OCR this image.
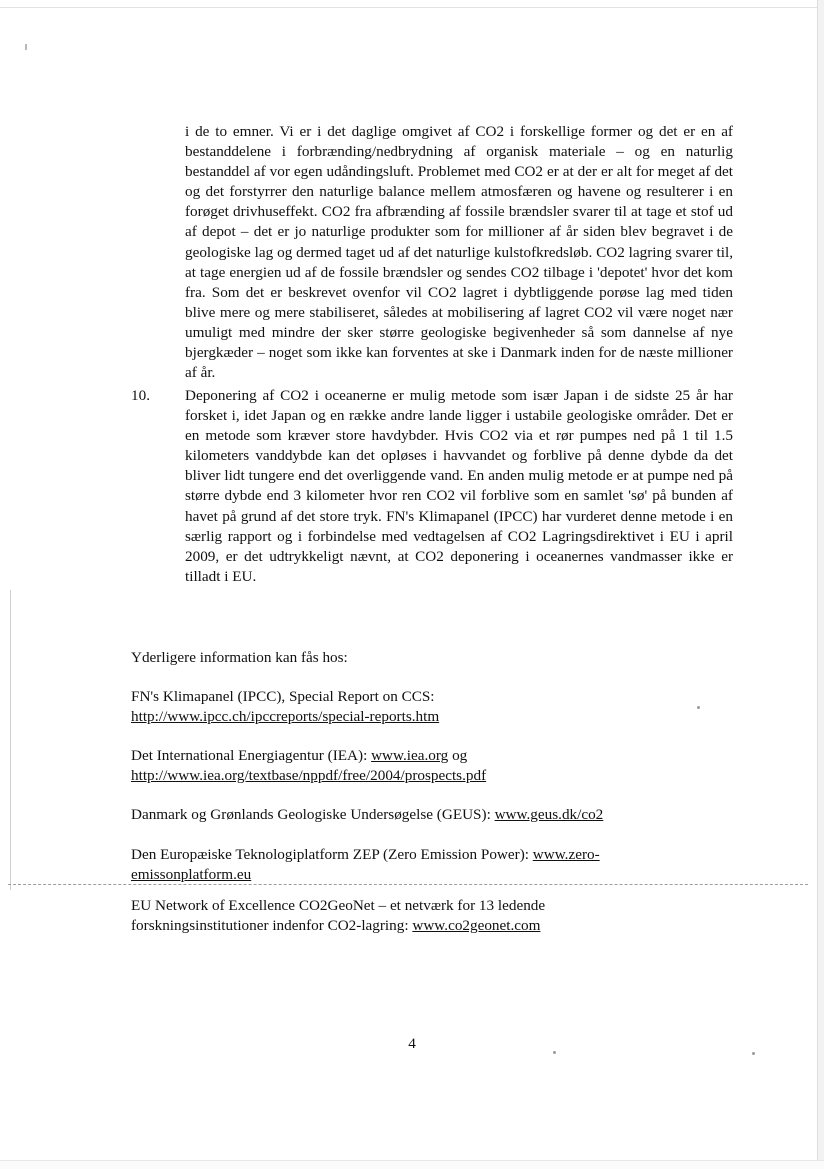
i de to emner. Vi er i det daglige omgivet af CO2 i forskellige former og det er en af bestanddelene i forbrænding/nedbrydning af organisk materiale – og en naturlig bestanddel af vor egen udåndingsluft. Problemet med CO2 er at der er alt for meget af det og det forstyrrer den naturlige balance mellem atmosfæren og havene og resulterer i en forøget drivhuseffekt. CO2 fra afbrænding af fossile brændsler svarer til at tage et stof ud af depot – det er jo naturlige produkter som for millioner af år siden blev begravet i de geologiske lag og dermed taget ud af det naturlige kulstofkredsløb. CO2 lagring svarer til, at tage energien ud af de fossile brændsler og sendes CO2 tilbage i 'depotet' hvor det kom fra. Som det er beskrevet ovenfor vil CO2 lagret i dybtliggende porøse lag med tiden blive mere og mere stabiliseret, således at mobilisering af lagret CO2 vil være noget nær umuligt med mindre der sker større geologiske begivenheder så som dannelse af nye bjergkæder – noget som ikke kan forventes at ske i Danmark inden for de næste millioner af år.

10.	Deponering af CO2 i oceanerne er mulig metode som især Japan i de sidste 25 år har forsket i, idet Japan og en række andre lande ligger i ustabile geologiske områder. Det er en metode som kræver store havdybder. Hvis CO2 via et rør pumpes ned på 1 til 1.5 kilometers vanddybde kan det opløses i havvandet og forblive på denne dybde da det bliver lidt tungere end det overliggende vand. En anden mulig metode er at pumpe ned på større dybde end 3 kilometer hvor ren CO2 vil forblive som en samlet 'sø' på bunden af havet på grund af det store tryk. FN's Klimapanel (IPCC) har vurderet denne metode i en særlig rapport og i forbindelse med vedtagelsen af CO2 Lagringsdirektivet i EU i april 2009, er det udtrykkeligt nævnt, at CO2 deponering i oceanernes vandmasser ikke er tilladt i EU.

Yderligere information kan fås hos:

FN's Klimapanel (IPCC), Special Report on CCS:
http://www.ipcc.ch/ipccreports/special-reports.htm
Det International Energiagentur (IEA): www.iea.org og
http://www.iea.org/textbase/nppdf/free/2004/prospects.pdf
Danmark og Grønlands Geologiske Undersøgelse (GEUS): www.geus.dk/co2
Den Europæiske Teknologiplatform ZEP (Zero Emission Power): www.zero-
emissonplatform.eu
EU Network of Excellence CO2GeoNet – et netværk for 13 ledende
forskningsinstitutioner indenfor CO2-lagring: www.co2geonet.com
4
